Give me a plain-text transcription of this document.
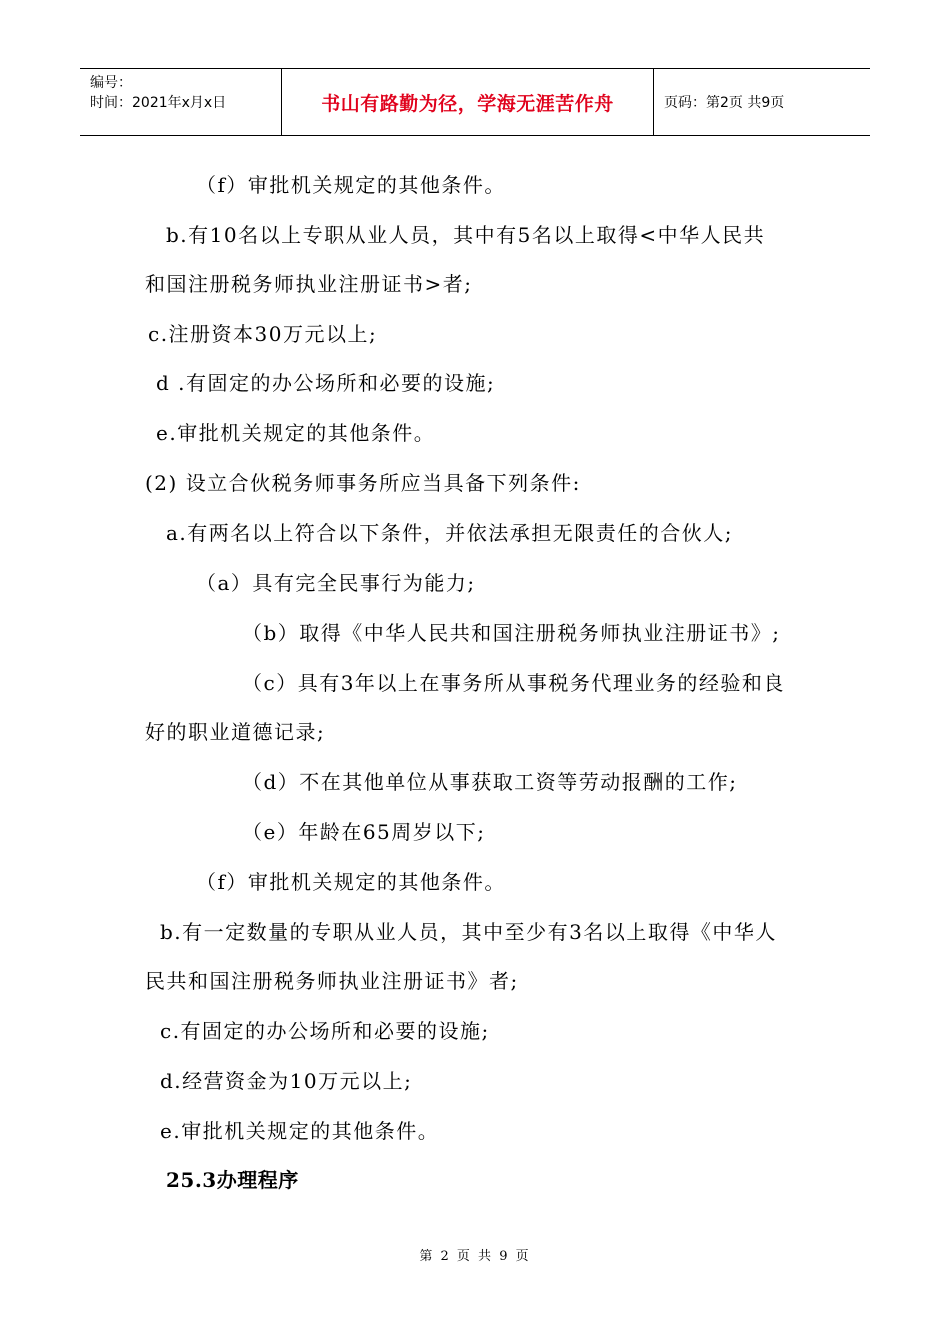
编号：
时间：2021年x月x日	书山有路勤为径，学海无涯苦作舟	页码：第2页 共9页
（f）审批机关规定的其他条件。
b.有10名以上专职从业人员，其中有5名以上取得<中华人民共
和国注册税务师执业注册证书>者;
c.注册资本30万元以上;
d .有固定的办公场所和必要的设施;
e.审批机关规定的其他条件。
(2) 设立合伙税务师事务所应当具备下列条件:
a.有两名以上符合以下条件，并依法承担无限责任的合伙人;
（a）具有完全民事行为能力;
（b）取得《中华人民共和国注册税务师执业注册证书》;
（c）具有3年以上在事务所从事税务代理业务的经验和良
好的职业道德记录;
（d）不在其他单位从事获取工资等劳动报酬的工作;
（e）年龄在65周岁以下;
（f）审批机关规定的其他条件。
b.有一定数量的专职从业人员，其中至少有3名以上取得《中华人
民共和国注册税务师执业注册证书》者;
c.有固定的办公场所和必要的设施;
d.经营资金为10万元以上;
e.审批机关规定的其他条件。
25.3办理程序
第 2 页 共 9 页
